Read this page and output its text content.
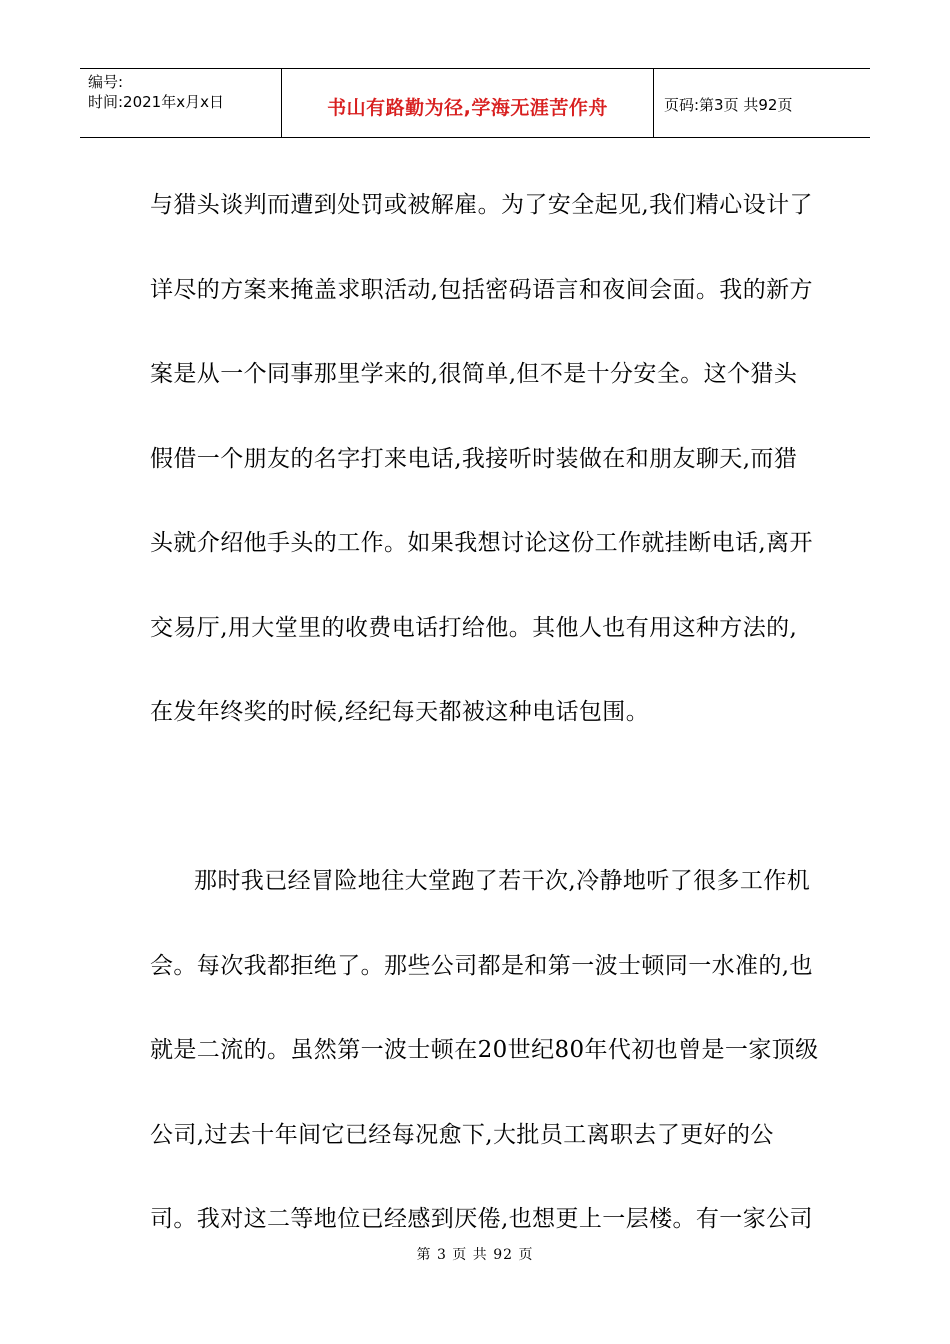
编号:
时间:2021年x月x日	书山有路勤为径,学海无涯苦作舟	页码:第3页 共92页
与猎头谈判而遭到处罚或被解雇。为了安全起见,我们精心设计了
详尽的方案来掩盖求职活动,包括密码语言和夜间会面。我的新方
案是从一个同事那里学来的,很简单,但不是十分安全。这个猎头
假借一个朋友的名字打来电话,我接听时装做在和朋友聊天,而猎
头就介绍他手头的工作。如果我想讨论这份工作就挂断电话,离开
交易厅,用大堂里的收费电话打给他。其他人也有用这种方法的,
在发年终奖的时候,经纪每天都被这种电话包围。
那时我已经冒险地往大堂跑了若干次,冷静地听了很多工作机
会。每次我都拒绝了。那些公司都是和第一波士顿同一水准的,也
就是二流的。虽然第一波士顿在20世纪80年代初也曾是一家顶级
公司,过去十年间它已经每况愈下,大批员工离职去了更好的公
司。我对这二等地位已经感到厌倦,也想更上一层楼。有一家公司
第 3 页 共 92 页
